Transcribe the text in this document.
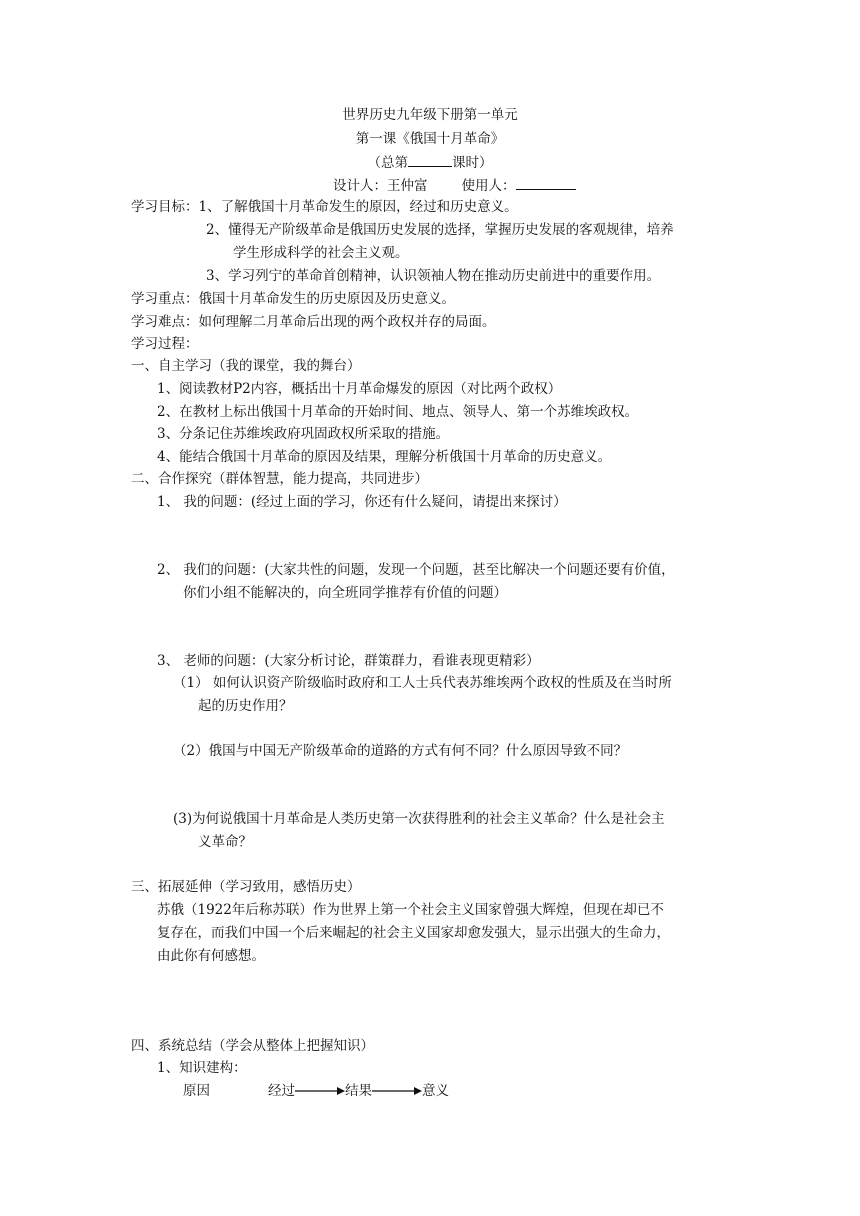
世界历史九年级下册第一单元
第一课《俄国十月革命》
（总第	课时）
设计人：王仲富	使用人：
学习目标：1、了解俄国十月革命发生的原因，经过和历史意义。
2、懂得无产阶级革命是俄国历史发展的选择，掌握历史发展的客观规律，培养
学生形成科学的社会主义观。
3、学习列宁的革命首创精神，认识领袖人物在推动历史前进中的重要作用。
学习重点：俄国十月革命发生的历史原因及历史意义。
学习难点：如何理解二月革命后出现的两个政权并存的局面。
学习过程：
一、自主学习（我的课堂，我的舞台）
1、阅读教材P2内容，概括出十月革命爆发的原因（对比两个政权）
2、在教材上标出俄国十月革命的开始时间、地点、领导人、第一个苏维埃政权。
3、分条记住苏维埃政府巩固政权所采取的措施。
4、能结合俄国十月革命的原因及结果，理解分析俄国十月革命的历史意义。
二、合作探究（群体智慧，能力提高，共同进步）
1、 我的问题：(经过上面的学习，你还有什么疑问，请提出来探讨）
2、 我们的问题：(大家共性的问题，发现一个问题，甚至比解决一个问题还要有价值，
你们小组不能解决的，向全班同学推荐有价值的问题）
3、 老师的问题：(大家分析讨论，群策群力，看谁表现更精彩）
（1） 如何认识资产阶级临时政府和工人士兵代表苏维埃两个政权的性质及在当时所
起的历史作用？
（2）俄国与中国无产阶级革命的道路的方式有何不同？什么原因导致不同？
(3)为何说俄国十月革命是人类历史第一次获得胜利的社会主义革命？什么是社会主
义革命？
三、拓展延伸（学习致用，感悟历史）
苏俄（1922年后称苏联）作为世界上第一个社会主义国家曾强大辉煌，但现在却已不
复存在，而我们中国一个后来崛起的社会主义国家却愈发强大，显示出强大的生命力，
由此你有何感想。
四、系统总结（学会从整体上把握知识）
1、知识建构：
原因	经过	结果	意义
